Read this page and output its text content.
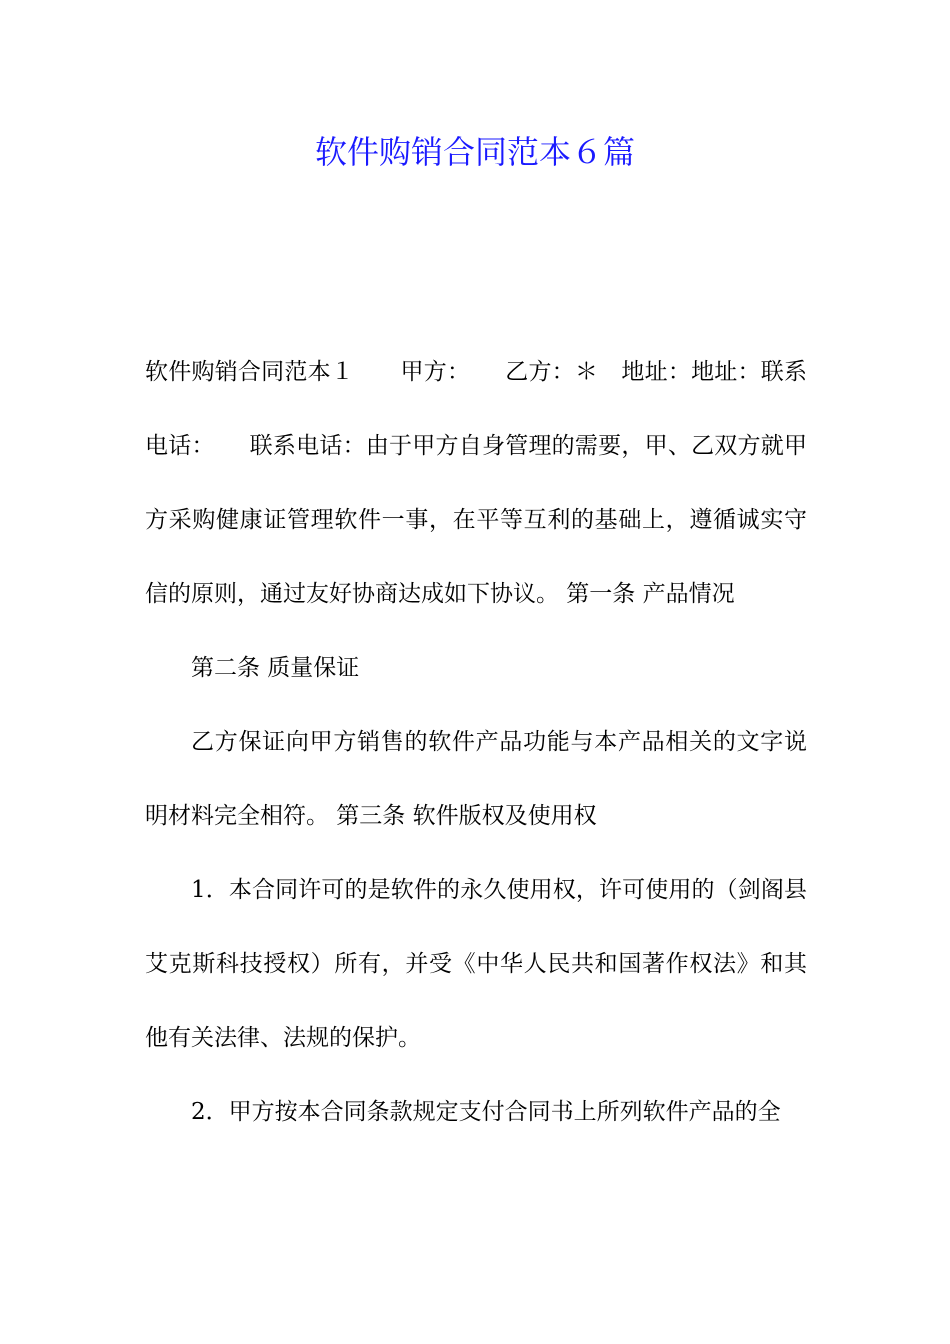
软件购销合同范本６篇

软件购销合同范本１　　甲方：　　乙方：＊　地址：地址：联系电话：　　联系电话：由于甲方自身管理的需要，甲、乙双方就甲方采购健康证管理软件一事，在平等互利的基础上，遵循诚实守信的原则，通过友好协商达成如下协议。 第一条 产品情况

第二条 质量保证

乙方保证向甲方销售的软件产品功能与本产品相关的文字说明材料完全相符。 第三条 软件版权及使用权

1．本合同许可的是软件的永久使用权，许可使用的（剑阁县艾克斯科技授权）所有，并受《中华人民共和国著作权法》和其他有关法律、法规的保护。

2．甲方按本合同条款规定支付合同书上所列软件产品的全
